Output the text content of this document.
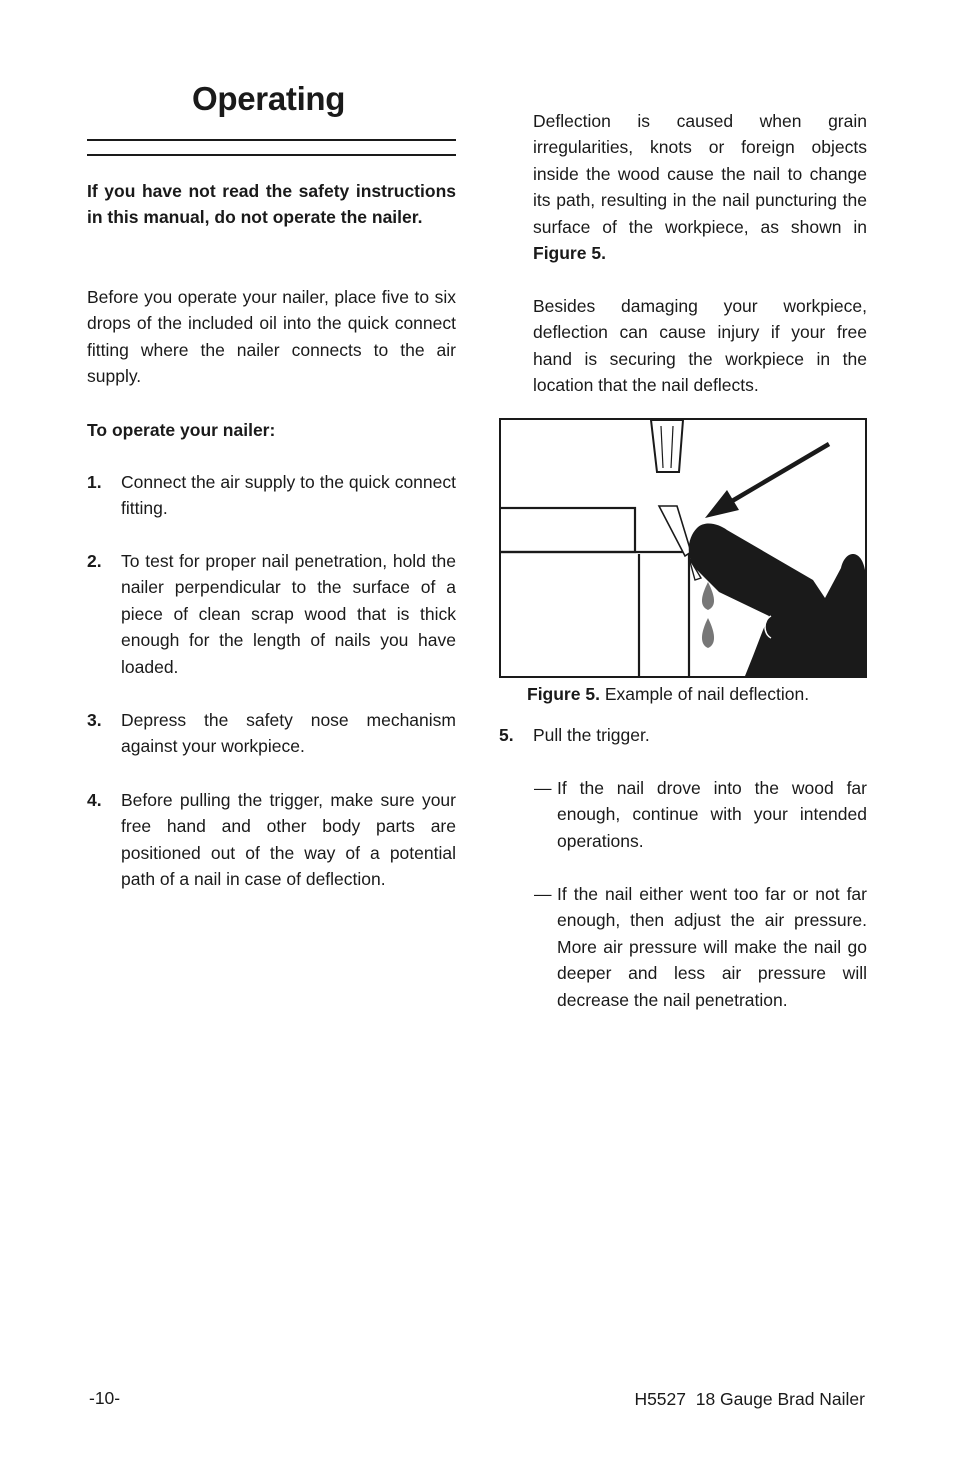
Operating

If you have not read the safety instructions in this manual, do not operate the nailer.

Before you operate your nailer, place five to six drops of the included oil into the quick connect fitting where the nailer connects to the air supply.

To operate your nailer:
1. Connect the air supply to the quick connect fitting.

2. To test for proper nail penetration, hold the nailer perpendicular to the surface of a piece of clean scrap wood that is thick enough for the length of nails you have loaded.

3. Depress the safety nose mechanism against your workpiece.

4. Before pulling the trigger, make sure your free hand and other body parts are positioned out of the way of a potential path of a nail in case of deflection.

Deflection is caused when grain irregularities, knots or foreign objects inside the wood cause the nail to change its path, resulting in the nail puncturing the surface of the workpiece, as shown in Figure 5.

Besides damaging your workpiece, deflection can cause injury if your free hand is securing the workpiece in the location that the nail deflects.

Figure 5. Example of nail deflection.
5. Pull the trigger.

— If the nail drove into the wood far enough, continue with your intended operations.

— If the nail either went too far or not far enough, then adjust the air pressure. More air pressure will make the nail go deeper and less air pressure will decrease the nail penetration.

-10-	H5527  18 Gauge Brad Nailer
